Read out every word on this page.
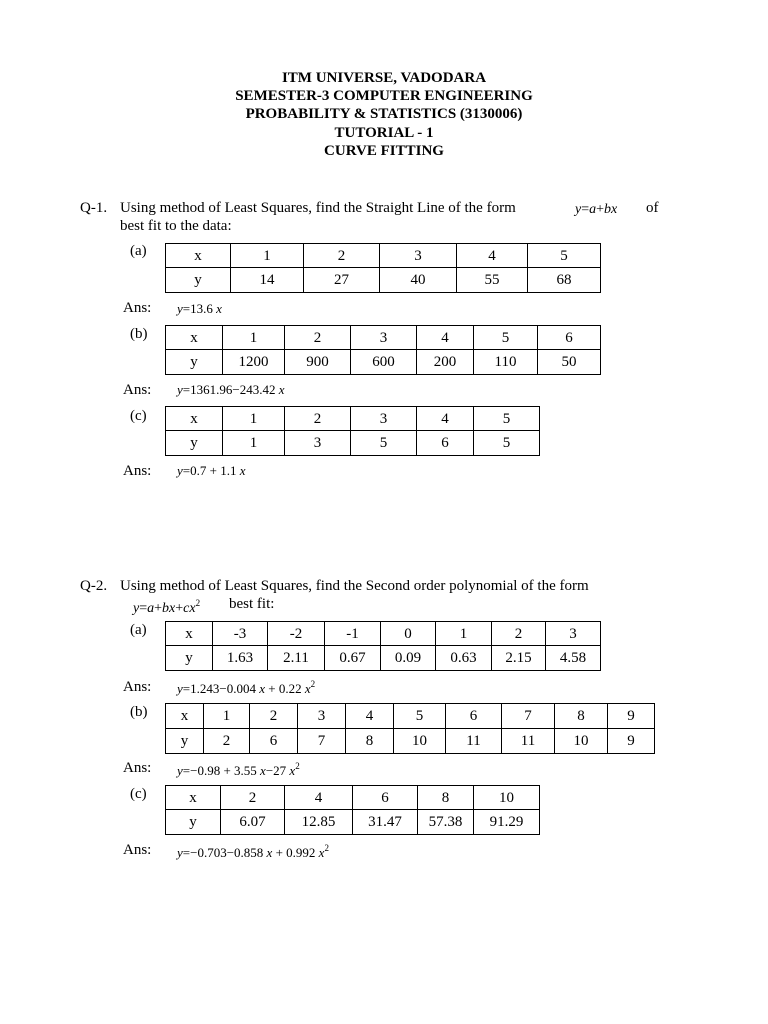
ITM UNIVERSE, VADODARA
SEMESTER-3 COMPUTER ENGINEERING
PROBABILITY & STATISTICS (3130006)
TUTORIAL - 1
CURVE FITTING
Q-1. Using method of Least Squares, find the Straight Line of the form	y=a+bx of
best fit to the data:
(a)	x	1	2	3	4	5
y	14	27	40	55	68
Ans: y=13.6 x
(b)	x	1	2	3	4	5	6
y	1200	900	600	200	110	50
Ans: y=1361.96−243.42 x
(c)	x	1	2	3	4	5
y	1	3	5	6	5
Ans: y=0.7 + 1.1 x
Q-2. Using method of Least Squares, find the Second order polynomial of the form
$y=a+bx+cx^2$ best fit:
(a)	x	-3	-2	-1	0	1	2	3
y	1.63	2.11	0.67	0.09	0.63	2.15	4.58
Ans: y=1.243−0.004 x + 0.22 $x^2$
(b) x	1	2	3	4	5	6	7	8	9
y	2	6	7	8	10	11	11	10	9
Ans: y=−0.98 + 3.55 x−27 $x^2$
(c)	x	2	4	6	8	10
y	6.07	12.85	31.47	57.38	91.29
Ans: y=−0.703−0.858 x + 0.992 $x^2$
